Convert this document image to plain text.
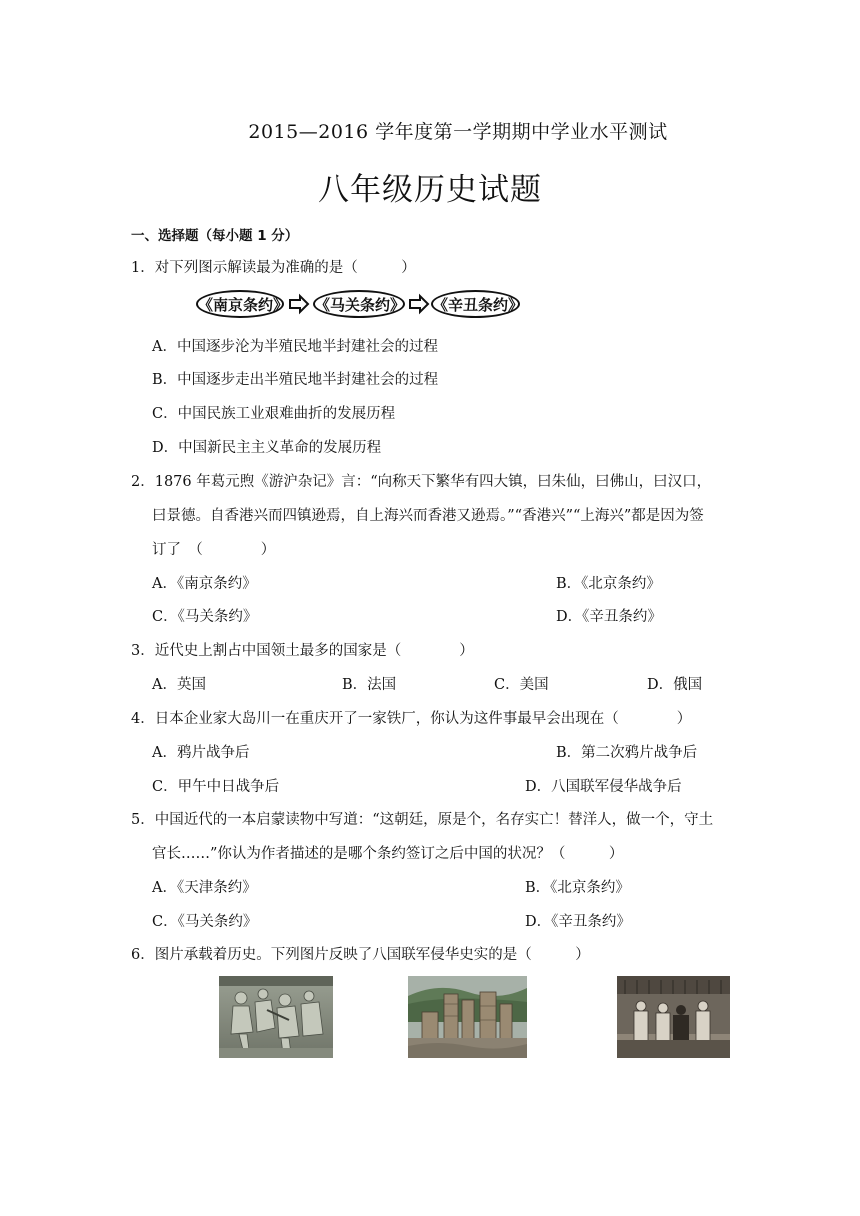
2015—2016 学年度第一学期期中学业水平测试
八年级历史试题
一、选择题（每小题 1 分）
1．对下列图示解读最为准确的是（　　　）
《南京条约》 《马关条约》 《辛丑条约》
A．中国逐步沦为半殖民地半封建社会的过程
B．中国逐步走出半殖民地半封建社会的过程
C．中国民族工业艰难曲折的发展历程
D．中国新民主主义革命的发展历程
2．1876 年葛元煦《游沪杂记》言：“向称天下繁华有四大镇，曰朱仙，曰佛山，曰汉口，
曰景德。自香港兴而四镇逊焉，自上海兴而香港又逊焉。”“香港兴”“上海兴”都是因为签
订了　（　　　　）
A．《南京条约》	B．《北京条约》
C．《马关条约》	D．《辛丑条约》
3．近代史上割占中国领土最多的国家是（　　　　）
A．英国	B．法国	C．美国	D．俄国
4．日本企业家大岛川一在重庆开了一家铁厂，你认为这件事最早会出现在（　　　　）
A．鸦片战争后	B．第二次鸦片战争后
C．甲午中日战争后	D．八国联军侵华战争后
5．中国近代的一本启蒙读物中写道：“这朝廷，原是个，名存实亡！替洋人，做一个，守土
官长……”你认为作者描述的是哪个条约签订之后中国的状况？（　　　）
A．《天津条约》	B．《北京条约》
C．《马关条约》	D．《辛丑条约》
6．图片承载着历史。下列图片反映了八国联军侵华史实的是（　　　）
